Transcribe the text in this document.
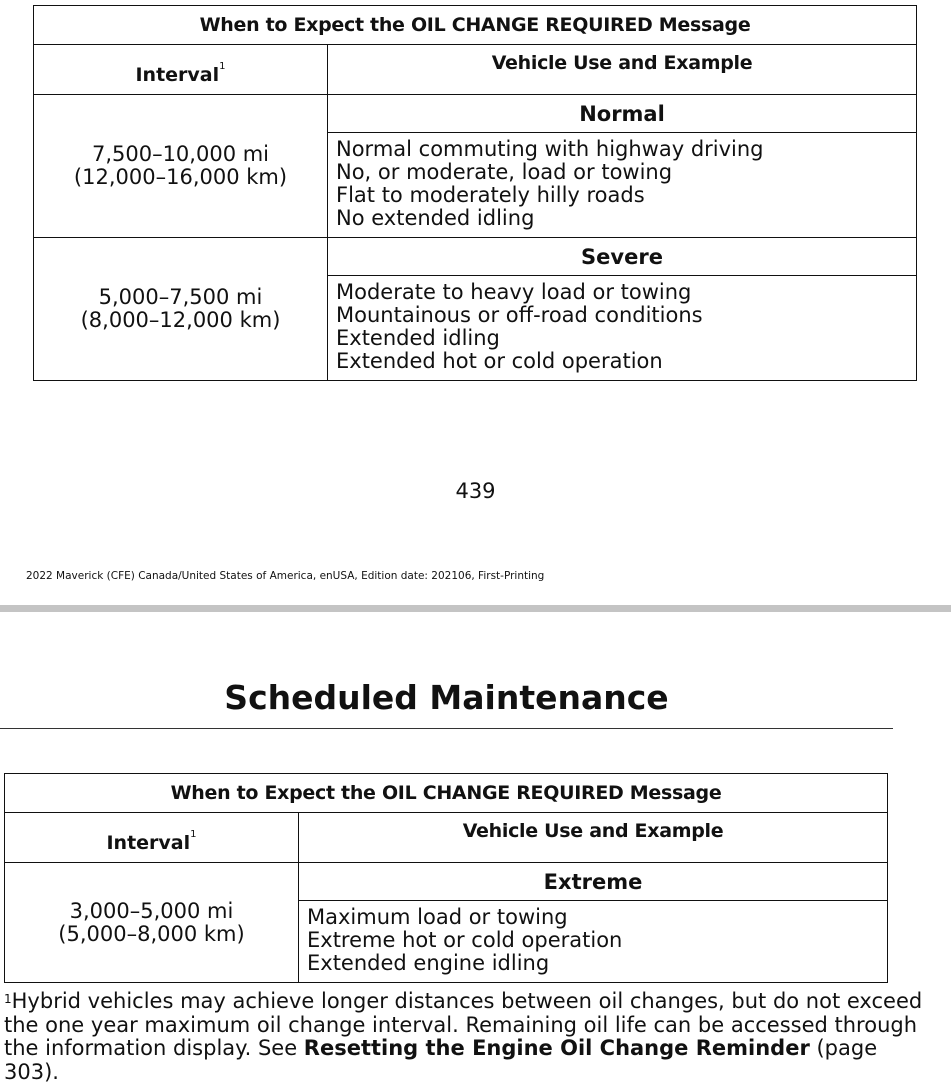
When to Expect the OIL CHANGE REQUIRED Message	
Interval$^1$	Vehicle Use and Example

7,500–10,000 mi
(12,000–16,000 km)	Normal

	Normal commuting with highway driving
No, or moderate, load or towing
Flat to moderately hilly roads
No extended idling

5,000–7,500 mi
(8,000–12,000 km)	Severe

	Moderate to heavy load or towing
Mountainous or off-road conditions
Extended idling
Extended hot or cold operation
439
2022 Maverick (CFE) Canada/United States of America, enUSA, Edition date: 202106, First-Printing
Scheduled Maintenance
When to Expect the OIL CHANGE REQUIRED Message	
Interval$^1$	Vehicle Use and Example

3,000–5,000 mi
(5,000–8,000 km)	Extreme

	Maximum load or towing
Extreme hot or cold operation
Extended engine idling
$^1$Hybrid vehicles may achieve longer distances between oil changes, but do not exceed the one year maximum oil change interval. Remaining oil life can be accessed through the information display. See Resetting the Engine Oil Change Reminder (page 303).
